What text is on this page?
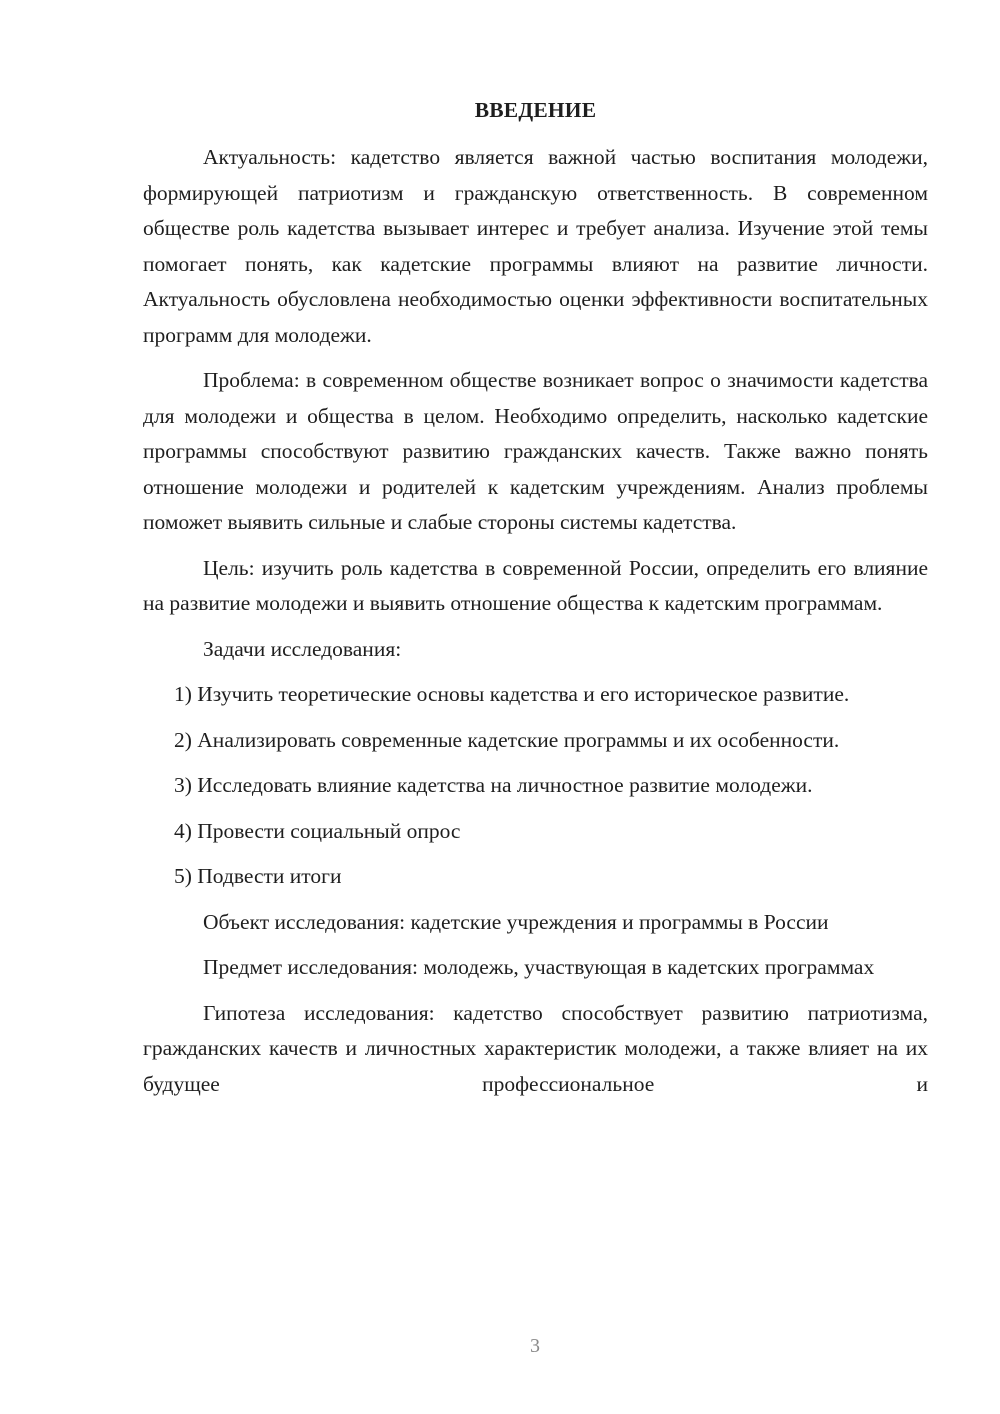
ВВЕДЕНИЕ

Актуальность: кадетство является важной частью воспитания молодежи, формирующей патриотизм и гражданскую ответственность. В современном обществе роль кадетства вызывает интерес и требует анализа. Изучение этой темы помогает понять, как кадетские программы влияют на развитие личности. Актуальность обусловлена необходимостью оценки эффективности воспитательных программ для молодежи.

Проблема: в современном обществе возникает вопрос о значимости кадетства для молодежи и общества в целом. Необходимо определить, насколько кадетские программы способствуют развитию гражданских качеств. Также важно понять отношение молодежи и родителей к кадетским учреждениям. Анализ проблемы поможет выявить сильные и слабые стороны системы кадетства.

Цель: изучить роль кадетства в современной России, определить его влияние на развитие молодежи и выявить отношение общества к кадетским программам.

Задачи исследования:

1) Изучить теоретические основы кадетства и его историческое развитие.

2) Анализировать современные кадетские программы и их особенности.

3) Исследовать влияние кадетства на личностное развитие молодежи.

4) Провести социальный опрос

5) Подвести итоги

Объект исследования: кадетские учреждения и программы в России

Предмет исследования: молодежь, участвующая в кадетских программах

Гипотеза исследования: кадетство способствует развитию патриотизма, гражданских качеств и личностных характеристик молодежи, а также влияет на их будущее профессиональное и

3
